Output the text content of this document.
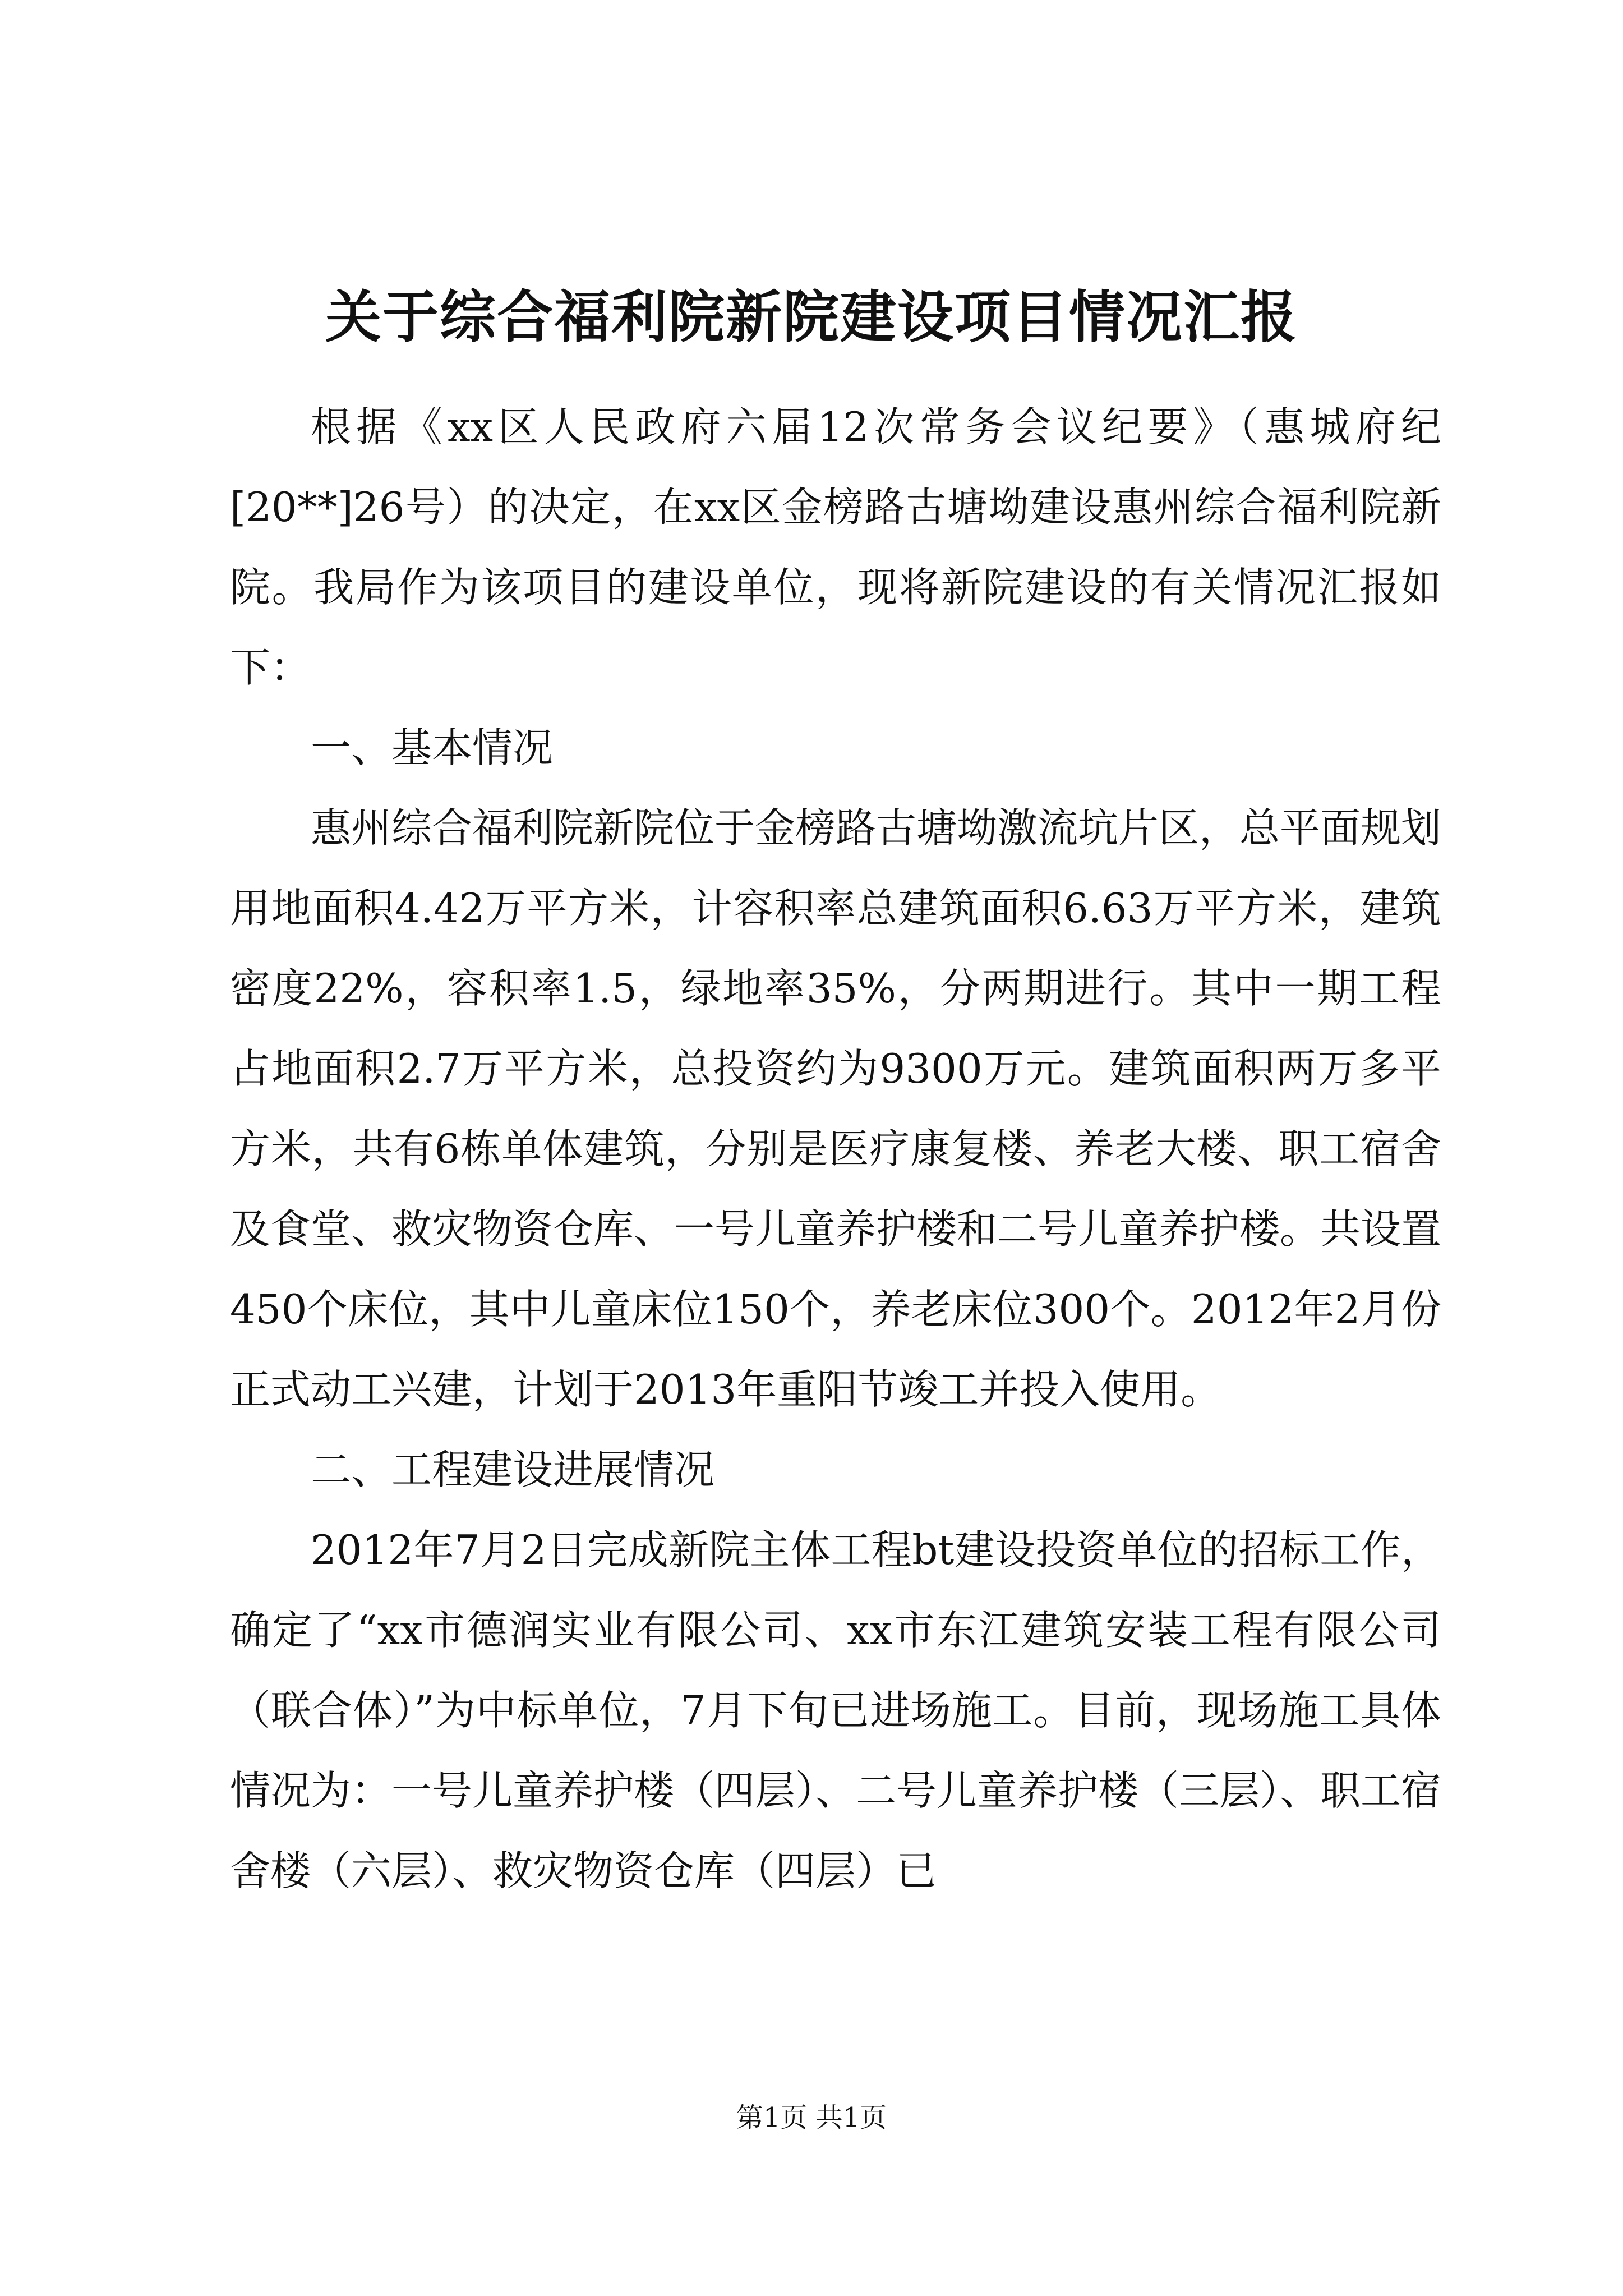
关于综合福利院新院建设项目情况汇报

根据《xx区人民政府六届12次常务会议纪要》（惠城府纪[20**]26号）的决定，在xx区金榜路古塘坳建设惠州综合福利院新院。我局作为该项目的建设单位，现将新院建设的有关情况汇报如下：

一、基本情况

惠州综合福利院新院位于金榜路古塘坳激流坑片区，总平面规划用地面积4.42万平方米，计容积率总建筑面积6.63万平方米，建筑密度22%，容积率1.5，绿地率35%，分两期进行。其中一期工程占地面积2.7万平方米，总投资约为9300万元。建筑面积两万多平方米，共有6栋单体建筑，分别是医疗康复楼、养老大楼、职工宿舍及食堂、救灾物资仓库、一号儿童养护楼和二号儿童养护楼。共设置450个床位，其中儿童床位150个，养老床位300个。2012年2月份正式动工兴建，计划于2013年重阳节竣工并投入使用。

二、工程建设进展情况

2012年7月2日完成新院主体工程bt建设投资单位的招标工作，确定了“xx市德润实业有限公司、xx市东江建筑安装工程有限公司（联合体）”为中标单位，7月下旬已进场施工。目前，现场施工具体情况为：一号儿童养护楼（四层）、二号儿童养护楼（三层）、职工宿舍楼（六层）、救灾物资仓库（四层）已

第1页 共1页
